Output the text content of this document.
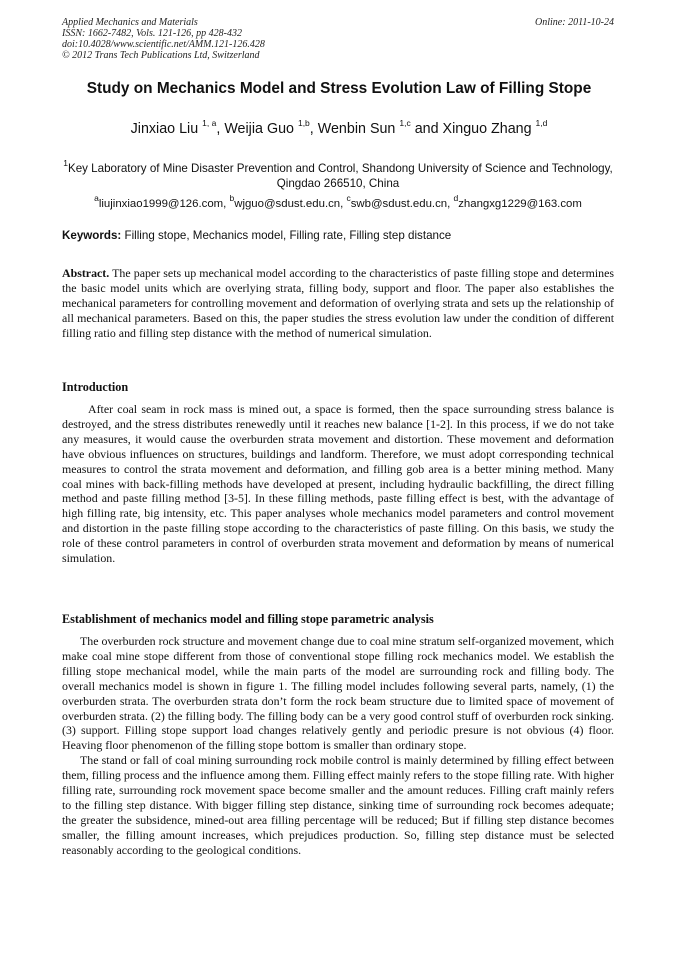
Applied Mechanics and Materials
ISSN: 1662-7482, Vols. 121-126, pp 428-432
doi:10.4028/www.scientific.net/AMM.121-126.428
© 2012 Trans Tech Publications Ltd, Switzerland
Online: 2011-10-24
Study on Mechanics Model and Stress Evolution Law of Filling Stope
Jinxiao Liu $^{1, a}$, Weijia Guo $^{1,b}$, Wenbin Sun $^{1,c}$ and Xinguo Zhang $^{1,d}$
$^1$Key Laboratory of Mine Disaster Prevention and Control, Shandong University of Science and Technology, Qingdao 266510, China
$^a$liujinxiao1999@126.com, $^b$wjguo@sdust.edu.cn, $^c$swb@sdust.edu.cn, $^d$zhangxg1229@163.com
Keywords: Filling stope, Mechanics model, Filling rate, Filling step distance
Abstract. The paper sets up mechanical model according to the characteristics of paste filling stope and determines the basic model units which are overlying strata, filling body, support and floor. The paper also establishes the mechanical parameters for controlling movement and deformation of overlying strata and sets up the relationship of all mechanical parameters. Based on this, the paper studies the stress evolution law under the condition of different filling ratio and filling step distance with the method of numerical simulation.
Introduction

After coal seam in rock mass is mined out, a space is formed, then the space surrounding stress balance is destroyed, and the stress distributes renewedly until it reaches new balance [1-2]. In this process, if we do not take any measures, it would cause the overburden strata movement and distortion. These movement and deformation have obvious influences on structures, buildings and landform. Therefore, we must adopt corresponding technical measures to control the strata movement and deformation, and filling gob area is a better mining method. Many coal mines with back-filling methods have developed at present, including hydraulic backfilling, the direct filling method and paste filling method [3-5]. In these filling methods, paste filling effect is best, with the advantage of high filling rate, big intensity, etc. This paper analyses whole mechanics model parameters and control movement and distortion in the paste filling stope according to the characteristics of paste filling. On this basis, we study the role of these control parameters in control of overburden strata movement and deformation by means of numerical simulation.

Establishment of mechanics model and filling stope parametric analysis

The overburden rock structure and movement change due to coal mine stratum self-organized movement, which make coal mine stope different from those of conventional stope filling rock mechanics model. We establish the filling stope mechanical model, while the main parts of the model are surrounding rock and filling body. The overall mechanics model is shown in figure 1. The filling model includes following several parts, namely, (1) the overburden strata. The overburden strata don’t form the rock beam structure due to limited space of movement of overburden strata. (2) the filling body. The filling body can be a very good control stuff of overburden rock sinking. (3) support. Filling stope support load changes relatively gently and periodic presure is not obvious (4) floor. Heaving floor phenomenon of the filling stope bottom is smaller than ordinary stope.

The stand or fall of coal mining surrounding rock mobile control is mainly determined by filling effect between them, filling process and the influence among them. Filling effect mainly refers to the stope filling rate. With higher filling rate, surrounding rock movement space become smaller and the amount reduces. Filling craft mainly refers to the filling step distance. With bigger filling step distance, sinking time of surrounding rock becomes adequate; the greater the subsidence, mined-out area filling percentage will be reduced; But if filling step distance becomes smaller, the filling amount increases, which prejudices production. So, filling step distance must be selected reasonably according to the geological conditions.
